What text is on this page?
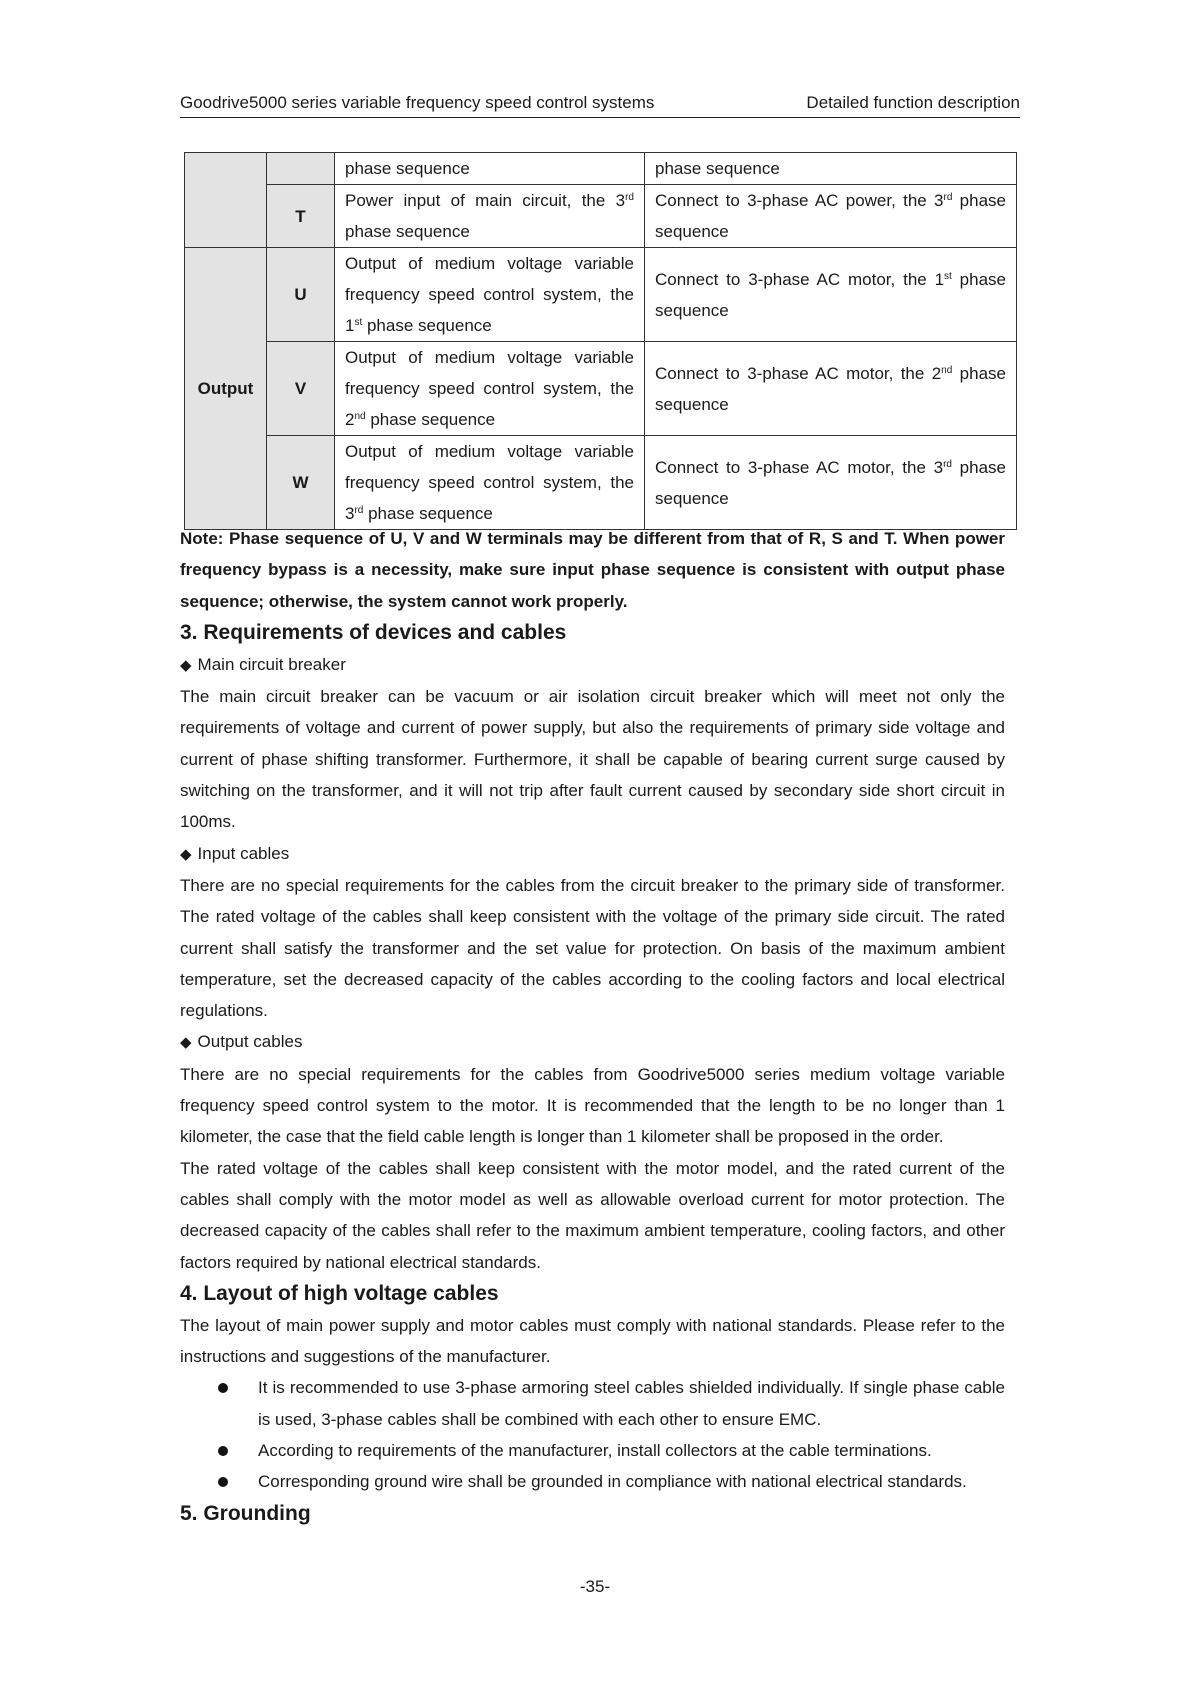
Goodrive5000 series variable frequency speed control systems	Detailed function description
		phase sequence	phase sequence
	T	Power input of main circuit, the 3rd phase sequence	Connect to 3-phase AC power, the 3rd phase sequence
Output	U	Output of medium voltage variable frequency speed control system, the 1st phase sequence	Connect to 3-phase AC motor, the 1st phase sequence
	V	Output of medium voltage variable frequency speed control system, the 2nd phase sequence	Connect to 3-phase AC motor, the 2nd phase sequence
	W	Output of medium voltage variable frequency speed control system, the 3rd phase sequence	Connect to 3-phase AC motor, the 3rd phase sequence

Note: Phase sequence of U, V and W terminals may be different from that of R, S and T. When power frequency bypass is a necessity, make sure input phase sequence is consistent with output phase sequence; otherwise, the system cannot work properly.

3. Requirements of devices and cables

◆ Main circuit breaker

The main circuit breaker can be vacuum or air isolation circuit breaker which will meet not only the requirements of voltage and current of power supply, but also the requirements of primary side voltage and current of phase shifting transformer. Furthermore, it shall be capable of bearing current surge caused by switching on the transformer, and it will not trip after fault current caused by secondary side short circuit in 100ms.

◆ Input cables

There are no special requirements for the cables from the circuit breaker to the primary side of transformer. The rated voltage of the cables shall keep consistent with the voltage of the primary side circuit. The rated current shall satisfy the transformer and the set value for protection. On basis of the maximum ambient temperature, set the decreased capacity of the cables according to the cooling factors and local electrical regulations.

◆ Output cables

There are no special requirements for the cables from Goodrive5000 series medium voltage variable frequency speed control system to the motor. It is recommended that the length to be no longer than 1 kilometer, the case that the field cable length is longer than 1 kilometer shall be proposed in the order.

The rated voltage of the cables shall keep consistent with the motor model, and the rated current of the cables shall comply with the motor model as well as allowable overload current for motor protection. The decreased capacity of the cables shall refer to the maximum ambient temperature, cooling factors, and other factors required by national electrical standards.

4. Layout of high voltage cables

The layout of main power supply and motor cables must comply with national standards. Please refer to the instructions and suggestions of the manufacturer.

It is recommended to use 3-phase armoring steel cables shielded individually. If single phase cable is used, 3-phase cables shall be combined with each other to ensure EMC.
According to requirements of the manufacturer, install collectors at the cable terminations.
Corresponding ground wire shall be grounded in compliance with national electrical standards.

5. Grounding

-35-
